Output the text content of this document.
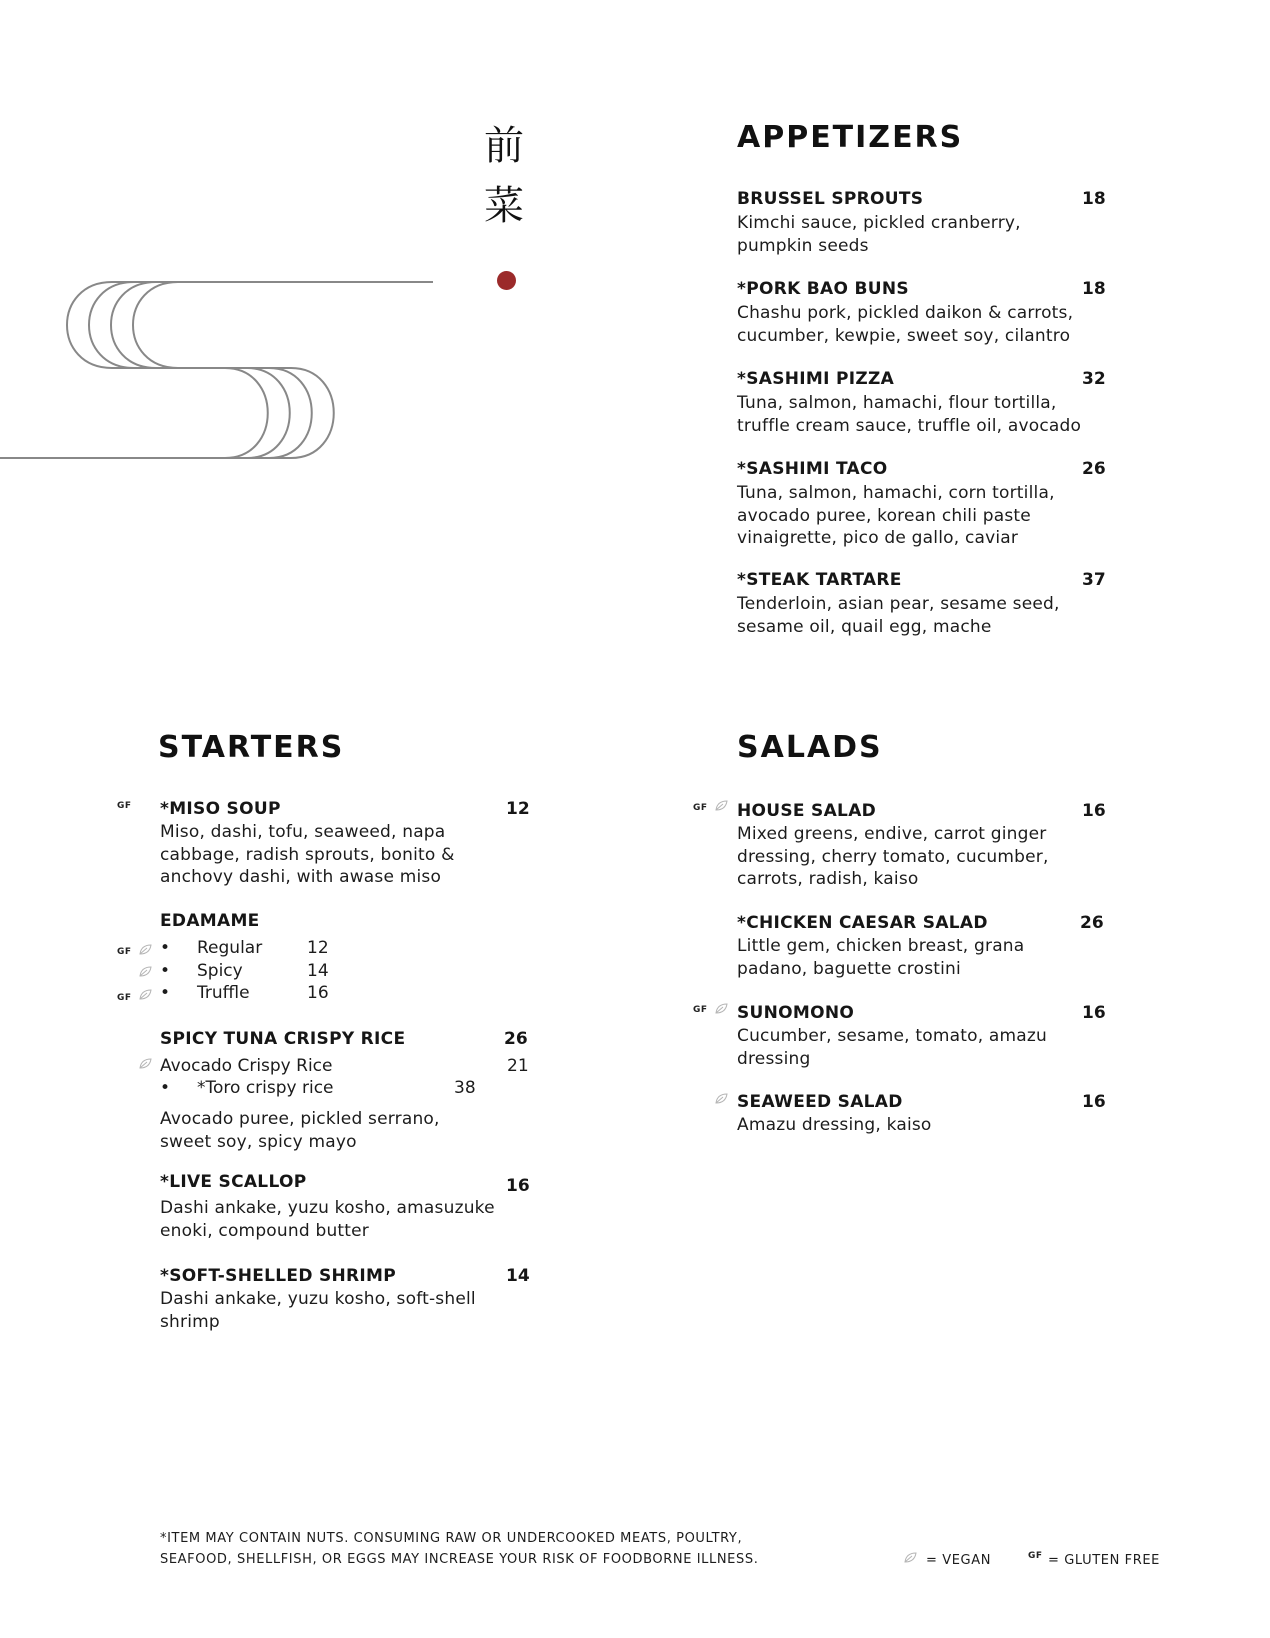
前
菜
APPETIZERS
BRUSSEL SPROUTS	18
Kimchi sauce, pickled cranberry,
pumpkin seeds
*PORK BAO BUNS	18
Chashu pork, pickled daikon & carrots,
cucumber, kewpie, sweet soy, cilantro
*SASHIMI PIZZA	32
Tuna, salmon, hamachi, flour tortilla,
truffle cream sauce, truffle oil, avocado
*SASHIMI TACO	26
Tuna, salmon, hamachi, corn tortilla,
avocado puree, korean chili paste
vinaigrette, pico de gallo, caviar
*STEAK TARTARE	37
Tenderloin, asian pear, sesame seed,
sesame oil, quail egg, mache
STARTERS
GF *MISO SOUP	12
Miso, dashi, tofu, seaweed, napa
cabbage, radish sprouts, bonito &
anchovy dashi, with awase miso
EDAMAME
GF • Regular	12
• Spicy	14
GF • Truffle	16
SPICY TUNA CRISPY RICE	26
Avocado Crispy Rice	21
• *Toro crispy rice	38
Avocado puree, pickled serrano,
sweet soy, spicy mayo
*LIVE SCALLOP	16
Dashi ankake, yuzu kosho, amasuzuke
enoki, compound butter
*SOFT-SHELLED SHRIMP	14
Dashi ankake, yuzu kosho, soft-shell
shrimp
SALADS
GF HOUSE SALAD	16
Mixed greens, endive, carrot ginger
dressing, cherry tomato, cucumber,
carrots, radish, kaiso
*CHICKEN CAESAR SALAD	26
Little gem, chicken breast, grana
padano, baguette crostini
GF SUNOMONO	16
Cucumber, sesame, tomato, amazu
dressing
SEAWEED SALAD	16
Amazu dressing, kaiso
*ITEM MAY CONTAIN NUTS. CONSUMING RAW OR UNDERCOOKED MEATS, POULTRY,
SEAFOOD, SHELLFISH, OR EGGS MAY INCREASE YOUR RISK OF FOODBORNE ILLNESS.	= VEGAN	GF = GLUTEN FREE
